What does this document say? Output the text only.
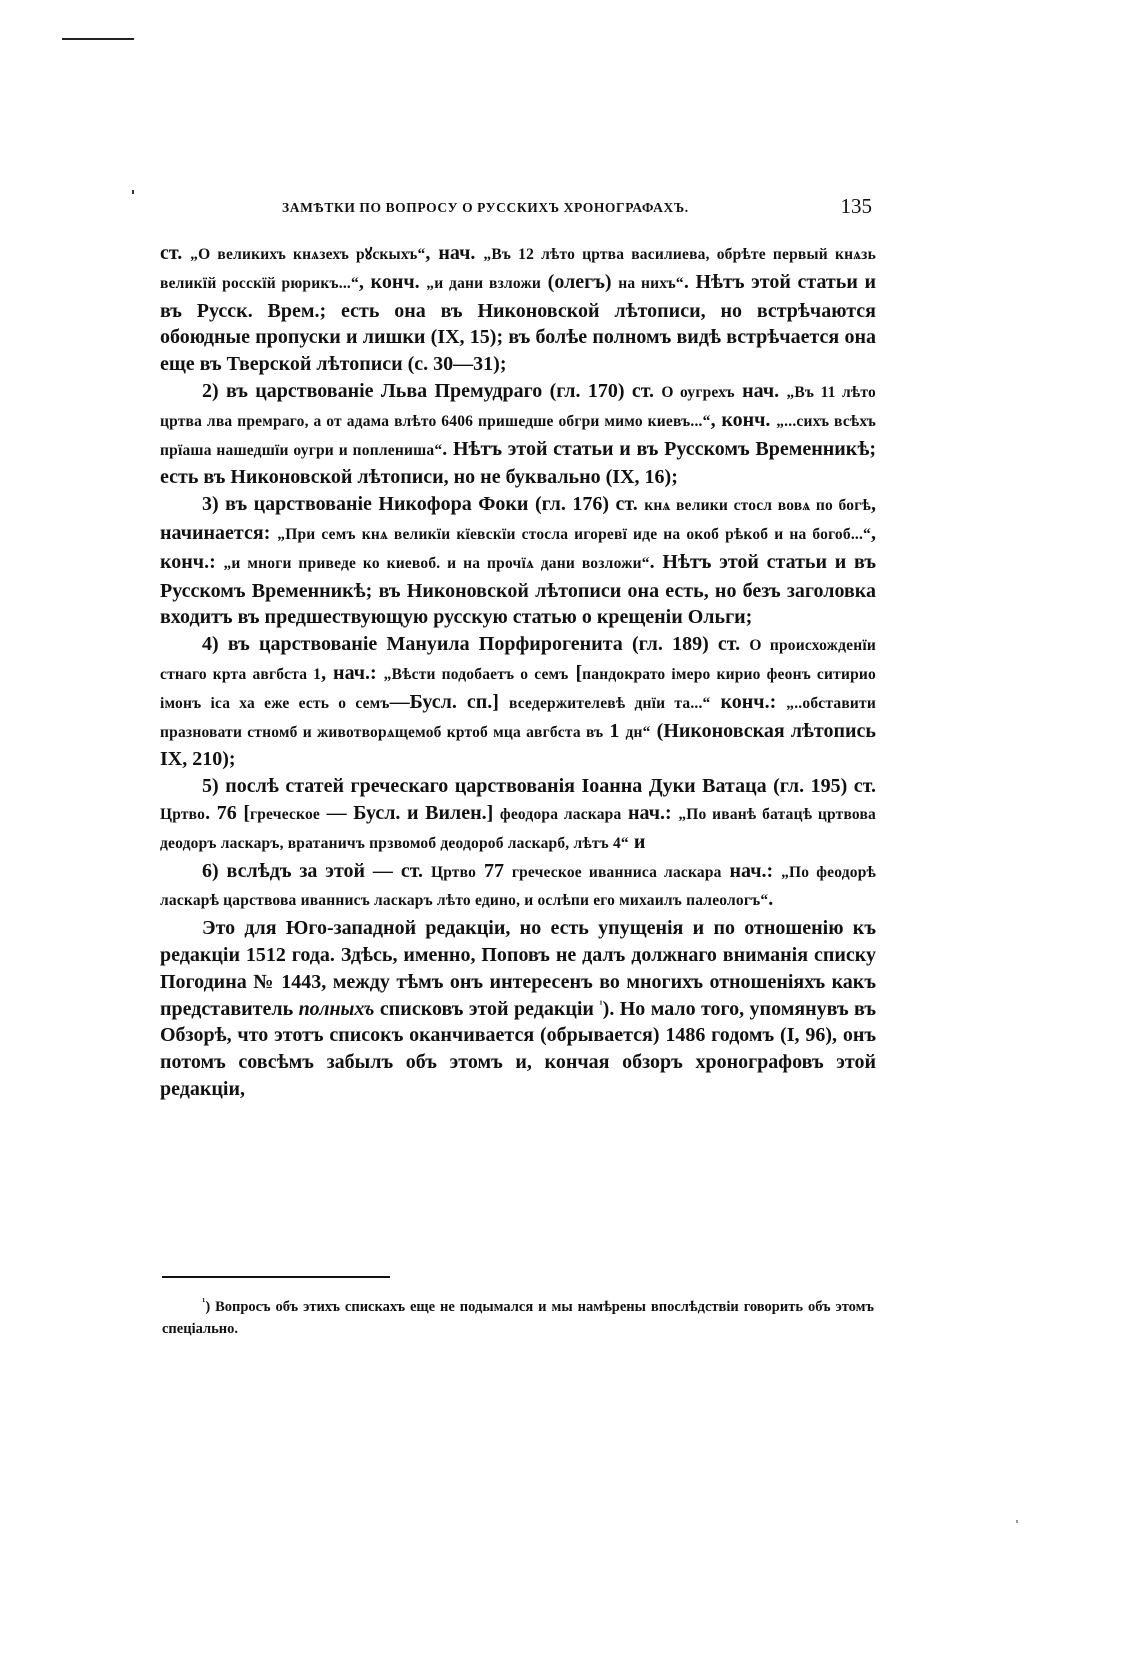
ЗАМѢТКИ ПО ВОПРОСУ О РУССКИХЪ ХРОНОГРАФАХЪ.	135

ст. „О великихъ кнѧзехъ рꙋскыхъ“, нач. „Въ 12 лѣто цртва василиева, обрѣте первый кнѧзь великїй росскїй рюрикъ...“, конч. „и дани взложи (олегъ) на нихъ“. Нѣтъ этой статьи и въ Русск. Врем.; есть она въ Никоновской лѣтописи, но встрѣчаются обоюдные пропуски и лишки (IX, 15); въ болѣе полномъ видѣ встрѣчается она еще въ Тверской лѣтописи (с. 30—31);

2) въ царствованіе Льва Премудраго (гл. 170) ст. О оугрехъ нач. „Въ 11 лѣто цртва лва премраго, а от адама влѣто 6406 пришедше обгри мимо киевъ...“, конч. „...сихъ всѣхъ прїаша нашедшїи оугри и поплениша“. Нѣтъ этой статьи и въ Русскомъ Временникѣ; есть въ Никоновской лѣтописи, но не буквально (IX, 16);

3) въ царствованіе Никофора Фоки (гл. 176) ст. кнѧ велики стосл вовѧ по богѣ, начинается: „При семъ кнѧ великїи кїевскїи стосла игоревї иде на окоб рѣкоб и на богоб...“, конч.: „и многи приведе ко киевоб. и на прочїѧ дани возложи“. Нѣтъ этой статьи и въ Русскомъ Временникѣ; въ Никоновской лѣтописи она есть, но безъ заголовка входитъ въ предшествующую русскую статью о крещеніи Ольги;

4) въ царствованіе Мануила Порфирогенита (гл. 189) ст. О происхожденїи стнаго крта авгбста 1, нач.: „Вѣсти подобаетъ о семъ [пандократо імеро кирио феонъ ситирио імонъ іса ха еже есть о семъ—Бусл. сп.] вседержителевѣ днїи та...“ конч.: „..обставити празновати стномб и животворѧщемоб кртоб мца авгбста въ 1 дн“ (Никоновская лѣтопись IX, 210);

5) послѣ статей греческаго царствованія Іоанна Дуки Ватаца (гл. 195) ст. Цртво. 76 [греческое — Бусл. и Вилен.] феодора ласкара нач.: „По иванѣ батацѣ цртвова деодоръ ласкаръ, вратаничъ прзвомоб деодороб ласкарб, лѣтъ 4“ и

6) вслѣдъ за этой — ст. Цртво 77 греческое иванниса ласкара нач.: „По феодорѣ ласкарѣ царствова иваннисъ ласкаръ лѣто едино, и ослѣпи его михаилъ палеологъ“.

Это для Юго-западной редакціи, но есть упущенія и по отношенію къ редакціи 1512 года. Здѣсь, именно, Поповъ не далъ должнаго вниманія списку Погодина № 1443, между тѣмъ онъ интересенъ во многихъ отношеніяхъ какъ представитель полныхъ списковъ этой редакціи $^{^1}$). Но мало того, упомянувъ въ Обзорѣ, что этотъ списокъ оканчивается (обрывается) 1486 годомъ (I, 96), онъ потомъ совсѣмъ забылъ объ этомъ и, кончая обзоръ хронографовъ этой редакціи,

$^{^1}$) Вопросъ объ этихъ спискахъ еще не подымался и мы намѣрены впослѣдствіи говорить объ этомъ спеціально.
